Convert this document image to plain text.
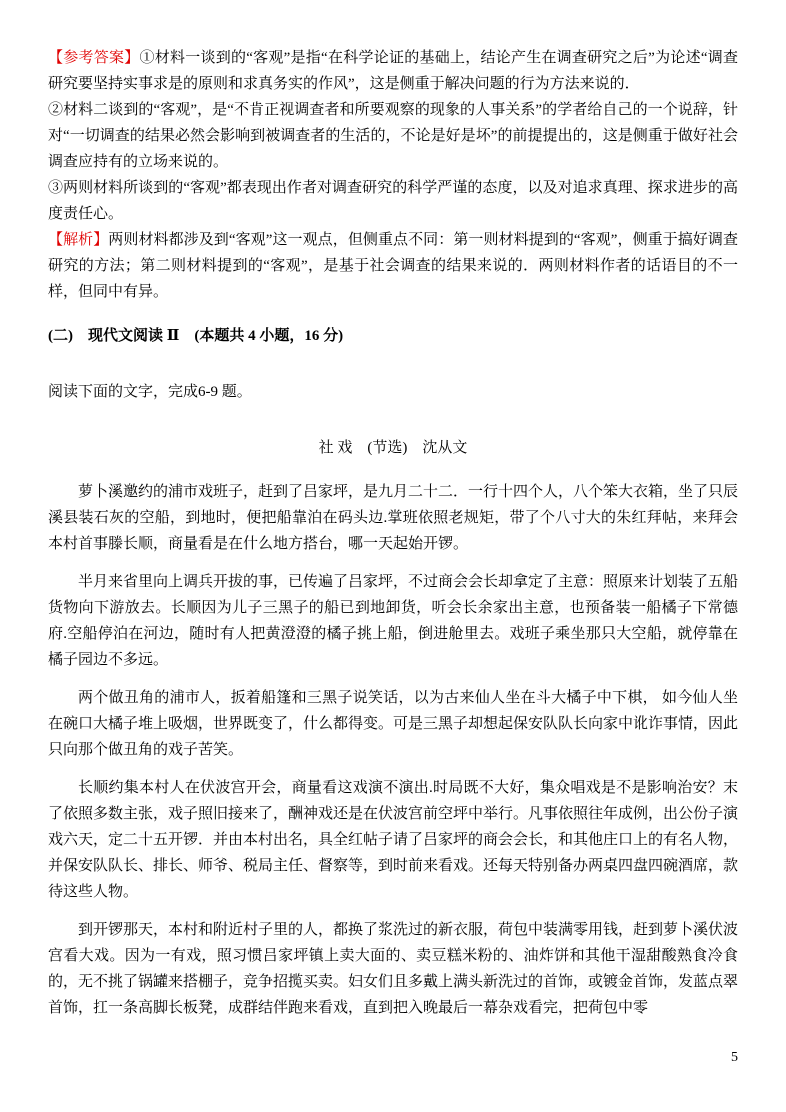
【参考答案】①材料一谈到的“客观”是指“在科学论证的基础上，结论产生在调查研究之后”为论述“调查研究要坚持实事求是的原则和求真务实的作风”，这是侧重于解决问题的行为方法来说的．

②材料二谈到的“客观”，是“不肯正视调查者和所要观察的现象的人事关系”的学者给自己的一个说辞，针对“一切调查的结果必然会影响到被调查者的生活的，不论是好是坏”的前提提出的，这是侧重于做好社会调查应持有的立场来说的。

③两则材料所谈到的“客观”都表现出作者对调查研究的科学严谨的态度，以及对追求真理、探求进步的高度责任心。

【解析】两则材料都涉及到“客观”这一观点，但侧重点不同：第一则材料提到的“客观”，侧重于搞好调查研究的方法；第二则材料提到的“客观”，是基于社会调查的结果来说的．两则材料作者的话语目的不一样，但同中有异。

(二)　现代文阅读 Ⅱ　(本题共 4 小题，16 分)

阅读下面的文字，完成6-9 题。

社 戏　(节选)　沈从文

萝卜溪邀约的浦市戏班子，赶到了吕家坪，是九月二十二．一行十四个人，八个笨大衣箱，坐了只辰溪县装石灰的空船，到地时，便把船靠泊在码头边.掌班依照老规矩，带了个八寸大的朱红拜帖，来拜会本村首事滕长顺，商量看是在什么地方搭台，哪一天起始开锣。

半月来省里向上调兵开拔的事，已传遍了吕家坪，不过商会会长却拿定了主意：照原来计划装了五船货物向下游放去。长顺因为儿子三黑子的船已到地卸货，听会长余家出主意，也预备装一船橘子下常德府.空船停泊在河边，随时有人把黄澄澄的橘子挑上船，倒进舱里去。戏班子乘坐那只大空船，就停靠在橘子园边不多远。

两个做丑角的浦市人，扳着船篷和三黑子说笑话，以为古来仙人坐在斗大橘子中下棋， 如今仙人坐在碗口大橘子堆上吸烟，世界既变了，什么都得变。可是三黑子却想起保安队队长向家中讹诈事情，因此只向那个做丑角的戏子苦笑。

长顺约集本村人在伏波宫开会，商量看这戏演不演出.时局既不大好，集众唱戏是不是影响治安？末了依照多数主张，戏子照旧接来了，酬神戏还是在伏波宫前空坪中举行。凡事依照往年成例，出公份子演戏六天，定二十五开锣．并由本村出名，具全红帖子请了吕家坪的商会会长，和其他庄口上的有名人物，并保安队队长、排长、师爷、税局主任、督察等，到时前来看戏。还每天特别备办两桌四盘四碗酒席，款待这些人物。

到开锣那天，本村和附近村子里的人，都换了浆洗过的新衣服，荷包中装满零用钱，赶到萝卜溪伏波宫看大戏。因为一有戏，照习惯吕家坪镇上卖大面的、卖豆糕米粉的、油炸饼和其他干湿甜酸熟食冷食的，无不挑了锅罐来搭棚子，竞争招揽买卖。妇女们且多戴上满头新洗过的首饰，或镀金首饰，发蓝点翠首饰，扛一条高脚长板凳，成群结伴跑来看戏，直到把入晚最后一幕杂戏看完，把荷包中零

5
